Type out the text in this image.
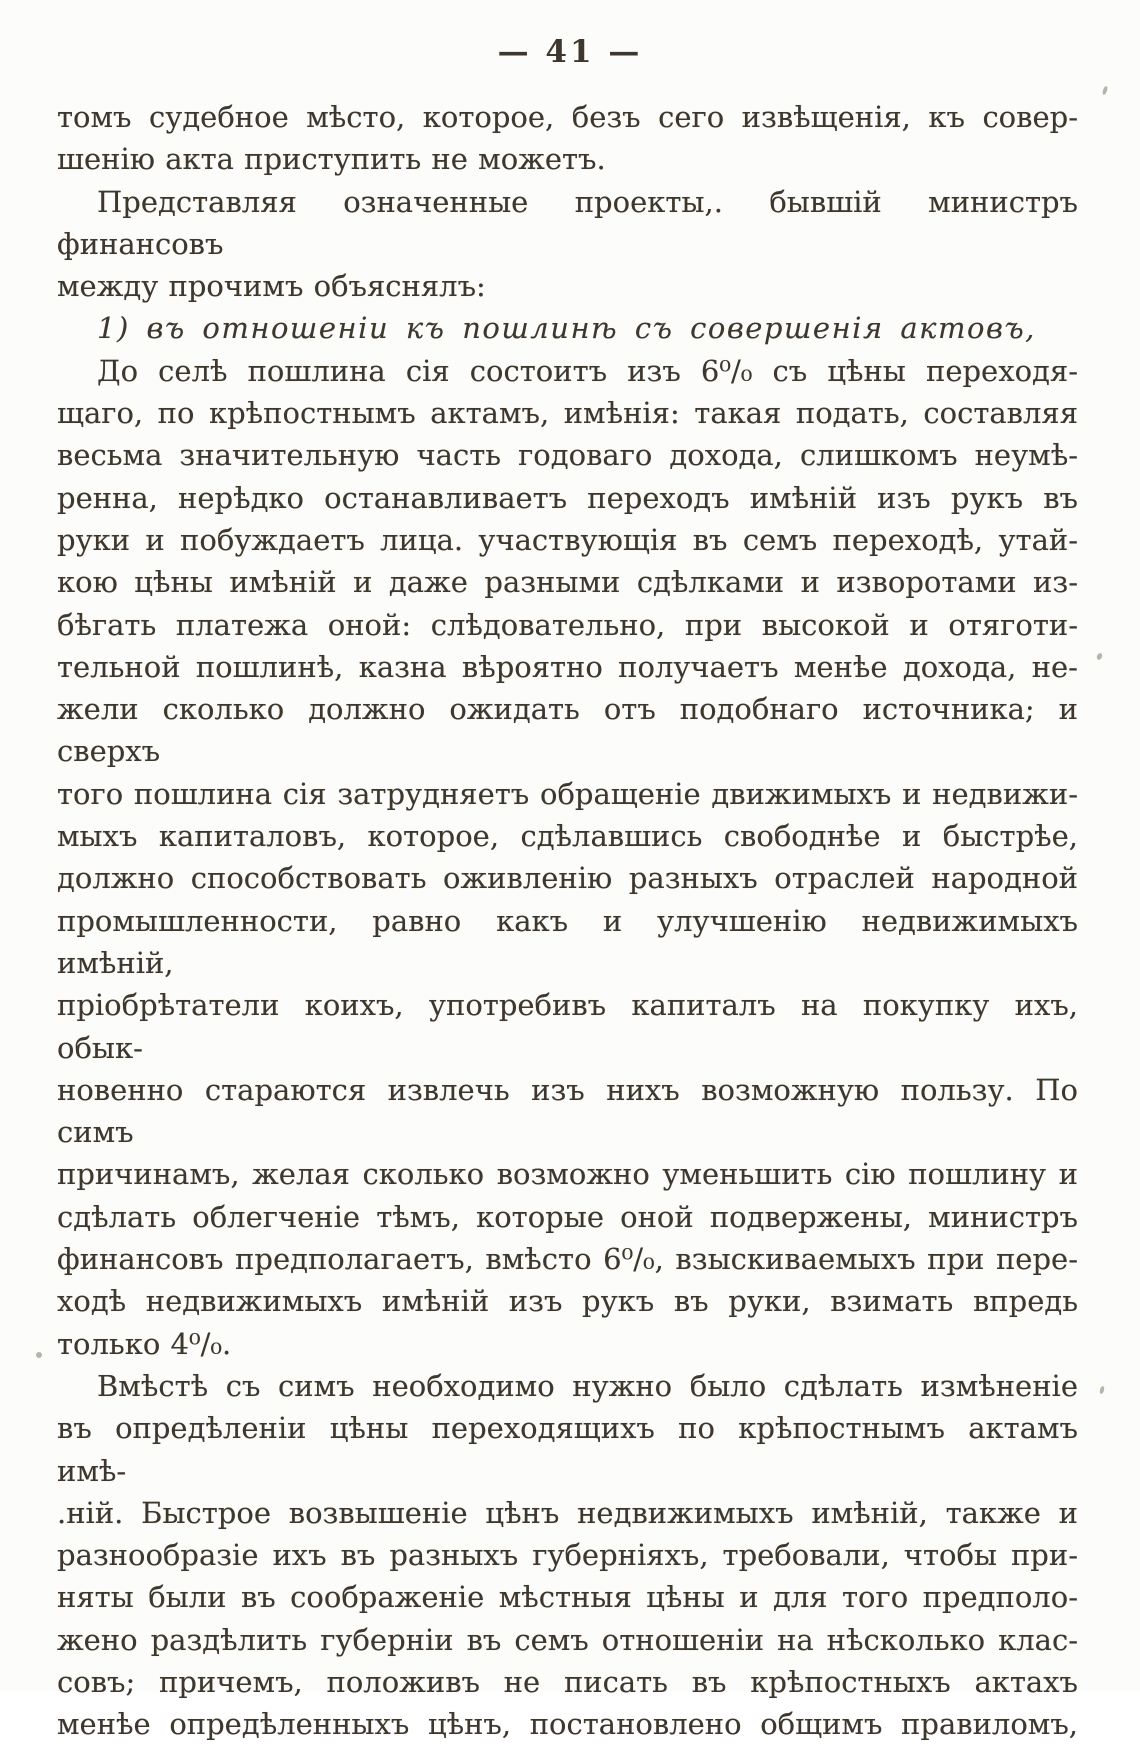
— 41 —
томъ судебное мѣсто, которое, безъ сего извѣщенія, къ совер-
шенію акта приступить не можетъ.
Представляя означенные проекты,. бывшій министръ финансовъ
между прочимъ объяснялъ:
1) въ отношеніи къ пошлинѣ съ совершенія актовъ,
До селѣ пошлина сія состоитъ изъ 6⁰/₀ съ цѣны переходя-
щаго, по крѣпостнымъ актамъ, имѣнія: такая подать, составляя
весьма значительную часть годоваго дохода, слишкомъ неумѣ-
ренна, нерѣдко останавливаетъ переходъ имѣній изъ рукъ въ
руки и побуждаетъ лица. участвующія въ семъ переходѣ, утай-
кою цѣны имѣній и даже разными сдѣлками и изворотами из-
бѣгать платежа оной: слѣдовательно, при высокой и отяготи-
тельной пошлинѣ, казна вѣроятно получаетъ менѣе дохода, не-
жели сколько должно ожидать отъ подобнаго источника; и сверхъ
того пошлина сія затрудняетъ обращеніе движимыхъ и недвижи-
мыхъ капиталовъ, которое, сдѣлавшись свободнѣе и быстрѣе,
должно способствовать оживленію разныхъ отраслей народной
промышленности, равно какъ и улучшенію недвижимыхъ имѣній,
пріобрѣтатели коихъ, употребивъ капиталъ на покупку ихъ, обык-
новенно стараются извлечь изъ нихъ возможную пользу. По симъ
причинамъ, желая сколько возможно уменьшить сію пошлину и
сдѣлать облегченіе тѣмъ, которые оной подвержены, министръ
финансовъ предполагаетъ, вмѣсто 6⁰/₀, взыскиваемыхъ при пере-
ходѣ недвижимыхъ имѣній изъ рукъ въ руки, взимать впредь
только 4⁰/₀.
Вмѣстѣ съ симъ необходимо нужно было сдѣлать измѣненіе
въ опредѣленіи цѣны переходящихъ по крѣпостнымъ актамъ имѣ-
.ній. Быстрое возвышеніе цѣнъ недвижимыхъ имѣній, также и
разнообразіе ихъ въ разныхъ губерніяхъ, требовали, чтобы при-
няты были въ соображеніе мѣстныя цѣны и для того предполо-
жено раздѣлить губерніи въ семъ отношеніи на нѣсколько клас-
совъ; причемъ, положивъ не писать въ крѣпостныхъ актахъ
менѣе опредѣленныхъ цѣнъ, постановлено общимъ правиломъ,
